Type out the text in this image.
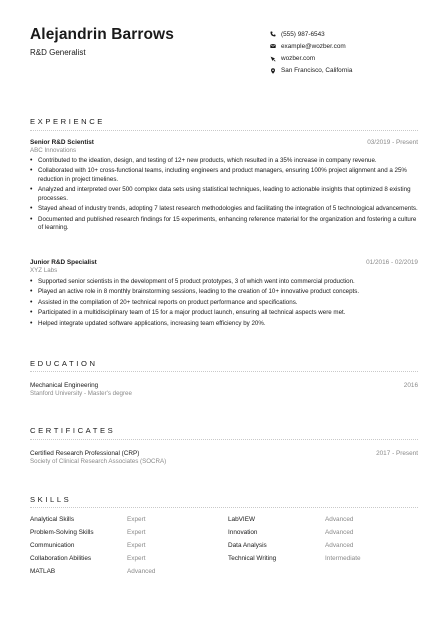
Alejandrin Barrows
R&D Generalist
(555) 987-6543
example@wozber.com
wozber.com
San Francisco, California
EXPERIENCE
Senior R&D Scientist
ABC Innovations
03/2019 - Present
• Contributed to the ideation, design, and testing of 12+ new products, which resulted in a 35% increase in company revenue.
• Collaborated with 10+ cross-functional teams, including engineers and product managers, ensuring 100% project alignment and a 25% reduction in project timelines.
• Analyzed and interpreted over 500 complex data sets using statistical techniques, leading to actionable insights that optimized 8 existing processes.
• Stayed ahead of industry trends, adopting 7 latest research methodologies and facilitating the integration of 5 technological advancements.
• Documented and published research findings for 15 experiments, enhancing reference material for the organization and fostering a culture of learning.
Junior R&D Specialist
XYZ Labs
01/2016 - 02/2019
• Supported senior scientists in the development of 5 product prototypes, 3 of which went into commercial production.
• Played an active role in 8 monthly brainstorming sessions, leading to the creation of 10+ innovative product concepts.
• Assisted in the compilation of 20+ technical reports on product performance and specifications.
• Participated in a multidisciplinary team of 15 for a major product launch, ensuring all technical aspects were met.
• Helped integrate updated software applications, increasing team efficiency by 20%.
EDUCATION
Mechanical Engineering
Stanford University - Master's degree
2016
CERTIFICATES
Certified Research Professional (CRP)
Society of Clinical Research Associates (SOCRA)
2017 - Present
SKILLS
Analytical Skills	Expert	LabVIEW	Advanced
Problem-Solving Skills	Expert	Innovation	Advanced
Communication	Expert	Data Analysis	Advanced
Collaboration Abilities	Expert	Technical Writing	Intermediate
MATLAB	Advanced
